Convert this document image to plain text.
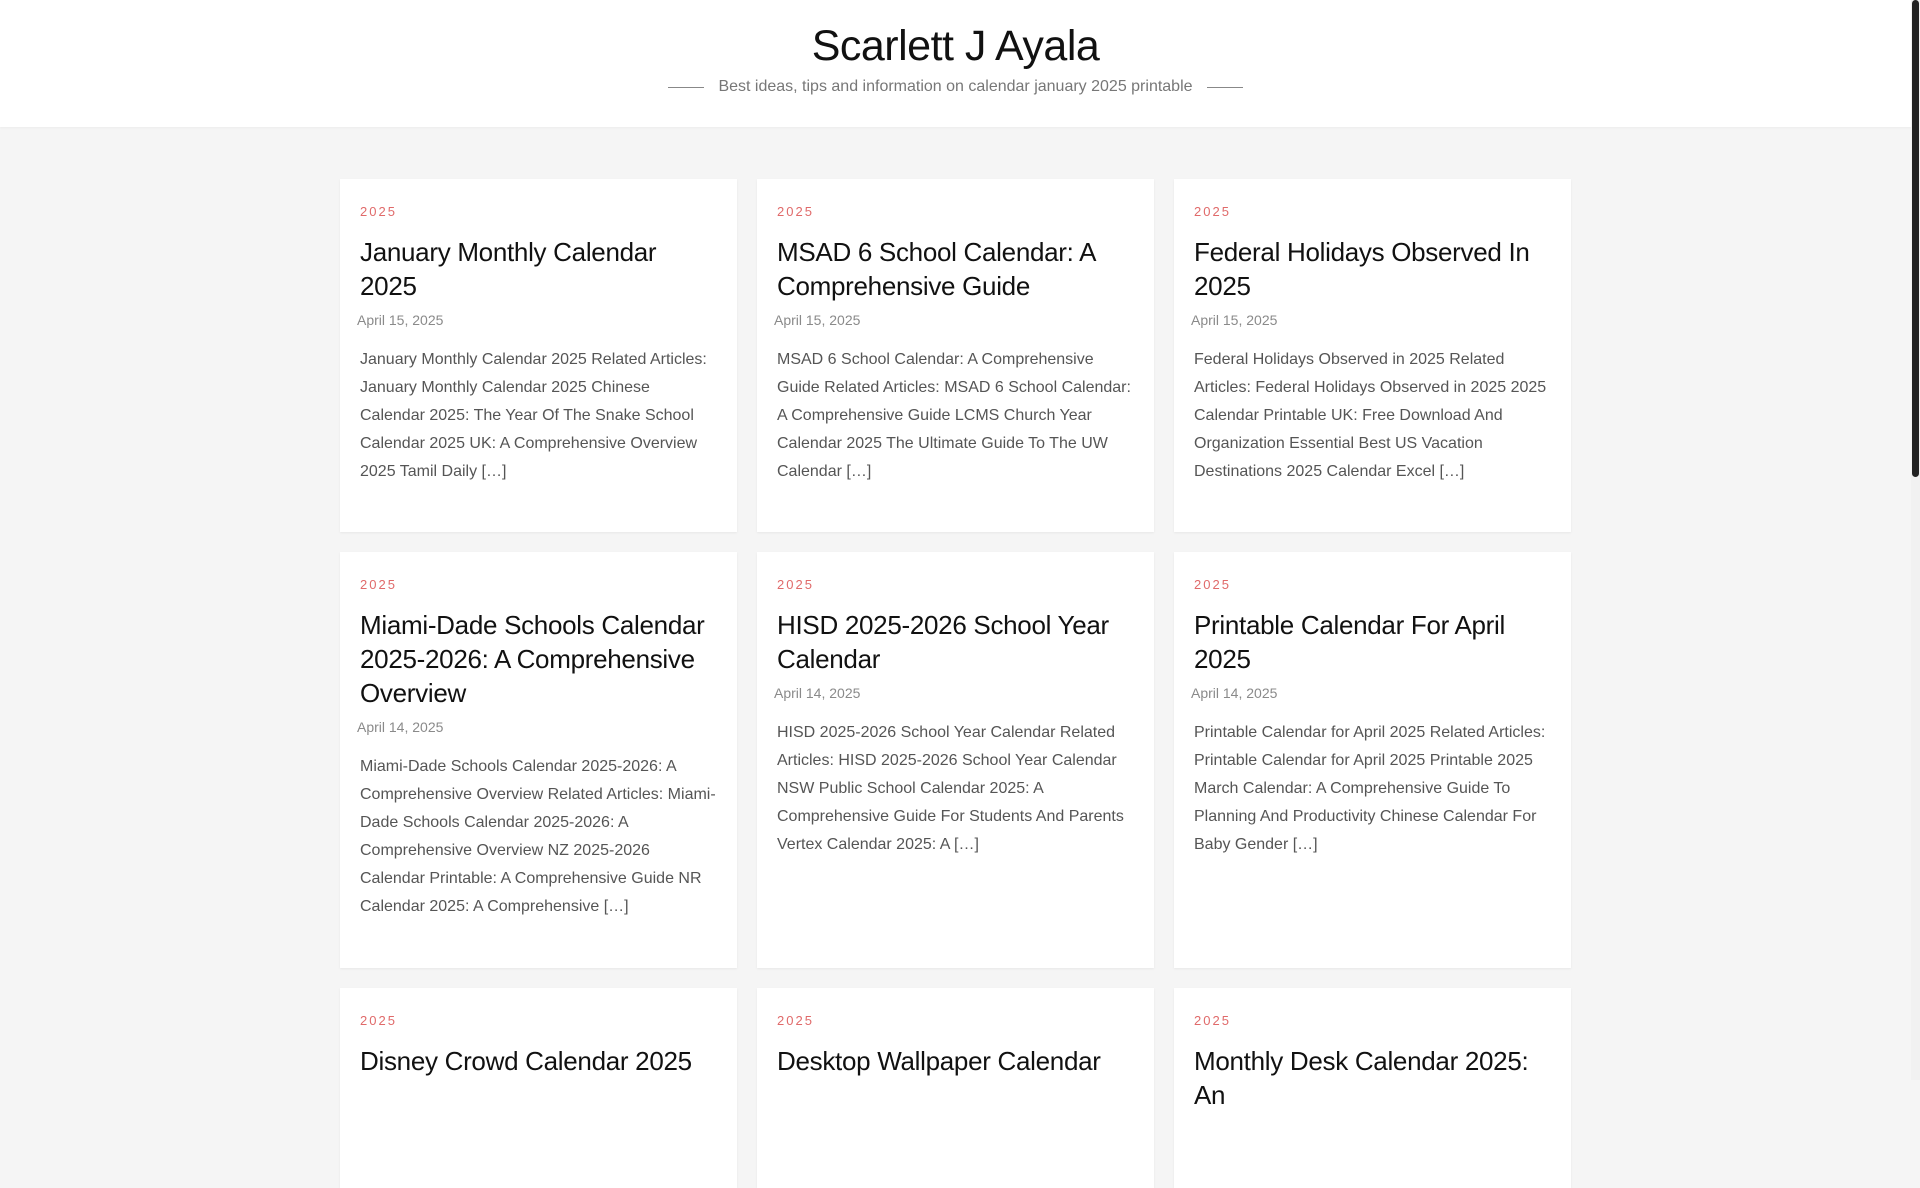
Scarlett J Ayala
Best ideas, tips and information on calendar january 2025 printable
2025
January Monthly Calendar 2025
April 15, 2025

January Monthly Calendar 2025 Related Articles: January Monthly Calendar 2025 Chinese Calendar 2025: The Year Of The Snake School Calendar 2025 UK: A Comprehensive Overview 2025 Tamil Daily […]

2025
MSAD 6 School Calendar: A Comprehensive Guide
April 15, 2025

MSAD 6 School Calendar: A Comprehensive Guide Related Articles: MSAD 6 School Calendar: A Comprehensive Guide LCMS Church Year Calendar 2025 The Ultimate Guide To The UW Calendar […]

2025
Federal Holidays Observed In 2025
April 15, 2025

Federal Holidays Observed in 2025 Related Articles: Federal Holidays Observed in 2025 2025 Calendar Printable UK: Free Download And Organization Essential Best US Vacation Destinations 2025 Calendar Excel […]

2025
Miami-Dade Schools Calendar 2025-2026: A Comprehensive Overview
April 14, 2025

Miami-Dade Schools Calendar 2025-2026: A Comprehensive Overview Related Articles: Miami-Dade Schools Calendar 2025-2026: A Comprehensive Overview NZ 2025-2026 Calendar Printable: A Comprehensive Guide NR Calendar 2025: A Comprehensive […]

2025
HISD 2025-2026 School Year Calendar
April 14, 2025

HISD 2025-2026 School Year Calendar Related Articles: HISD 2025-2026 School Year Calendar NSW Public School Calendar 2025: A Comprehensive Guide For Students And Parents Vertex Calendar 2025: A […]

2025
Printable Calendar For April 2025
April 14, 2025

Printable Calendar for April 2025 Related Articles: Printable Calendar for April 2025 Printable 2025 March Calendar: A Comprehensive Guide To Planning And Productivity Chinese Calendar For Baby Gender […]

2025
Disney Crowd Calendar 2025
2025
Desktop Wallpaper Calendar
2025
Monthly Desk Calendar 2025: An
